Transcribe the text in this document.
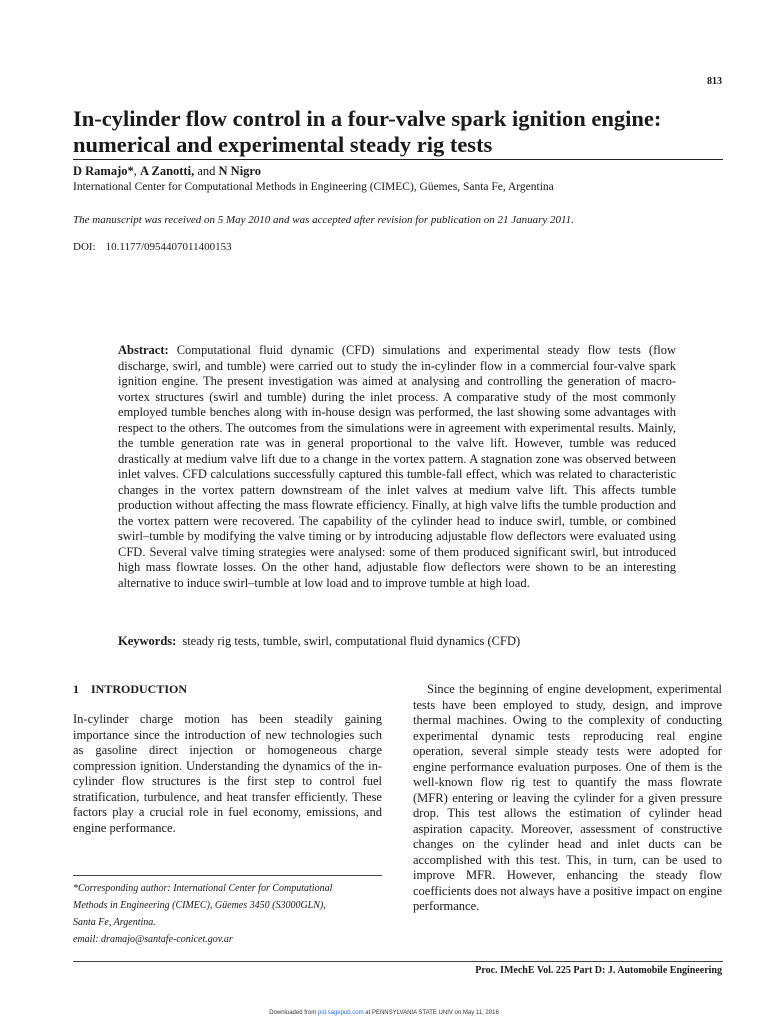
813
In-cylinder flow control in a four-valve spark ignition engine: numerical and experimental steady rig tests
D Ramajo*, A Zanotti, and N Nigro
International Center for Computational Methods in Engineering (CIMEC), Güemes, Santa Fe, Argentina
The manuscript was received on 5 May 2010 and was accepted after revision for publication on 21 January 2011.
DOI: 10.1177/0954407011400153

Abstract: Computational fluid dynamic (CFD) simulations and experimental steady flow tests (flow discharge, swirl, and tumble) were carried out to study the in-cylinder flow in a commercial four-valve spark ignition engine. The present investigation was aimed at analysing and controlling the generation of macro-vortex structures (swirl and tumble) during the inlet process. A comparative study of the most commonly employed tumble benches along with in-house design was performed, the last showing some advantages with respect to the others. The outcomes from the simulations were in agreement with experimental results. Mainly, the tumble generation rate was in general proportional to the valve lift. However, tumble was reduced drastically at medium valve lift due to a change in the vortex pattern. A stagnation zone was observed between inlet valves. CFD calculations successfully captured this tumble-fall effect, which was related to characteristic changes in the vortex pattern downstream of the inlet valves at medium valve lift. This affects tumble production without affecting the mass flowrate efficiency. Finally, at high valve lifts the tumble production and the vortex pattern were recovered. The capability of the cylinder head to induce swirl, tumble, or combined swirl–tumble by modifying the valve timing or by introducing adjustable flow deflectors were evaluated using CFD. Several valve timing strategies were analysed: some of them produced significant swirl, but introduced high mass flowrate losses. On the other hand, adjustable flow deflectors were shown to be an interesting alternative to induce swirl–tumble at low load and to improve tumble at high load.

Keywords: steady rig tests, tumble, swirl, computational fluid dynamics (CFD)
1 INTRODUCTION

In-cylinder charge motion has been steadily gaining importance since the introduction of new technologies such as gasoline direct injection or homogeneous charge compression ignition. Understanding the dynamics of the in-cylinder flow structures is the first step to control fuel stratification, turbulence, and heat transfer efficiently. These factors play a crucial role in fuel economy, emissions, and engine performance.

Since the beginning of engine development, experimental tests have been employed to study, design, and improve thermal machines. Owing to the complexity of conducting experimental dynamic tests reproducing real engine operation, several simple steady tests were adopted for engine performance evaluation purposes. One of them is the well-known flow rig test to quantify the mass flowrate (MFR) entering or leaving the cylinder for a given pressure drop. This test allows the estimation of cylinder head aspiration capacity. Moreover, assessment of constructive changes on the cylinder head and inlet ducts can be accomplished with this test. This, in turn, can be used to improve MFR. However, enhancing the steady flow coefficients does not always have a positive impact on engine performance.

*Corresponding author: International Center for Computational
Methods in Engineering (CIMEC), Güemes 3450 (S3000GLN),
Santa Fe, Argentina.
email: dramajo@santafe-conicet.gov.ar
Proc. IMechE Vol. 225 Part D: J. Automobile Engineering
Downloaded from pid.sagepub.com at PENNSYLVANIA STATE UNIV on May 11, 2016
